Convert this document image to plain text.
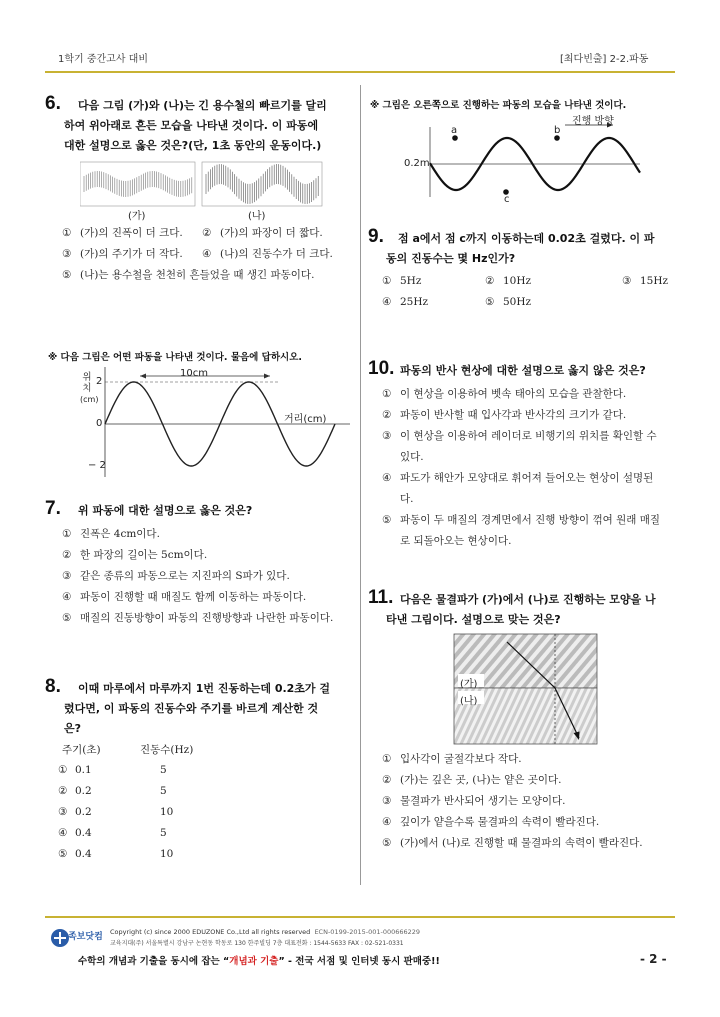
1학기 중간고사 대비	[최다빈출] 2-2.파동
6. 다음 그림 (가)와 (나)는 긴 용수철의 빠르기를 달리
하여 위아래로 흔든 모습을 나타낸 것이다. 이 파동에
대한 설명으로 옳은 것은?(단, 1초 동안의 운동이다.)
(가)	(나)
① (가)의 진폭이 더 크다. ② (가)의 파장이 더 짧다.
③ (가)의 주기가 더 작다. ④ (나)의 진동수가 더 크다.
⑤ (나)는 용수철을 천천히 흔들었을 때 생긴 파동이다.
※ 다음 그림은 어떤 파동을 나타낸 것이다. 물음에 답하시오.
위
치
(cm)
10cm
2
0
− 2
거리(cm)
7. 위 파동에 대한 설명으로 옳은 것은?
① 진폭은 4cm이다.
② 한 파장의 길이는 5cm이다.
③ 같은 종류의 파동으로는 지진파의 S파가 있다.
④ 파동이 진행할 때 매질도 함께 이동하는 파동이다.
⑤ 매질의 진동방향이 파동의 진행방향과 나란한 파동이다.
8. 이때 마루에서 마루까지 1번 진동하는데 0.2초가 걸
렸다면, 이 파동의 진동수와 주기를 바르게 계산한 것
은?
주기(초)	진동수(Hz)
① 0.1	5
② 0.2	5
③ 0.2	10
④ 0.4	5
⑤ 0.4	10
※ 그림은 오른쪽으로 진행하는 파동의 모습을 나타낸 것이다.
진행 방향
0.2m
a	b
c
9. 점 a에서 점 c까지 이동하는데 0.02초 걸렸다. 이 파
동의 진동수는 몇 Hz인가?
① 5Hz	② 10Hz	③ 15Hz
④ 25Hz	⑤ 50Hz
10. 파동의 반사 현상에 대한 설명으로 옳지 않은 것은?
① 이 현상을 이용하여 벳속 태아의 모습을 관찰한다.
② 파동이 반사할 때 입사각과 반사각의 크기가 같다.
③ 이 현상을 이용하여 레이더로 비행기의 위치를 확인할 수
있다.
④ 파도가 해안가 모양대로 휘어져 들어오는 현상이 설명된
다.
⑤ 파동이 두 매질의 경계면에서 진행 방향이 꺾여 원래 매질
로 되돌아오는 현상이다.
11. 다음은 물결파가 (가)에서 (나)로 진행하는 모양을 나
타낸 그림이다. 설명으로 맞는 것은?
(가)
(나)
① 입사각이 굴절각보다 작다.
② (가)는 깊은 곳, (나)는 얕은 곳이다.
③ 물결파가 반사되어 생기는 모양이다.
④ 깊이가 얕을수록 물결파의 속력이 빨라진다.
⑤ (가)에서 (나)로 진행할 때 물결파의 속력이 빨라진다.
족보닷컴 Copyright (c) since 2000 EDUZONE Co.,Ltd all rights reserved ECN-0199-2015-001-000666229
교육지대(주) 서울특별시 강남구 논현동 학동로 130 한주빌딩 7층 대표전화 : 1544-5633 FAX : 02-521-0331
수학의 개념과 기출을 동시에 잡는 “개념과 기출” - 전국 서점 및 인터넷 동시 판매중!!	- 2 -
